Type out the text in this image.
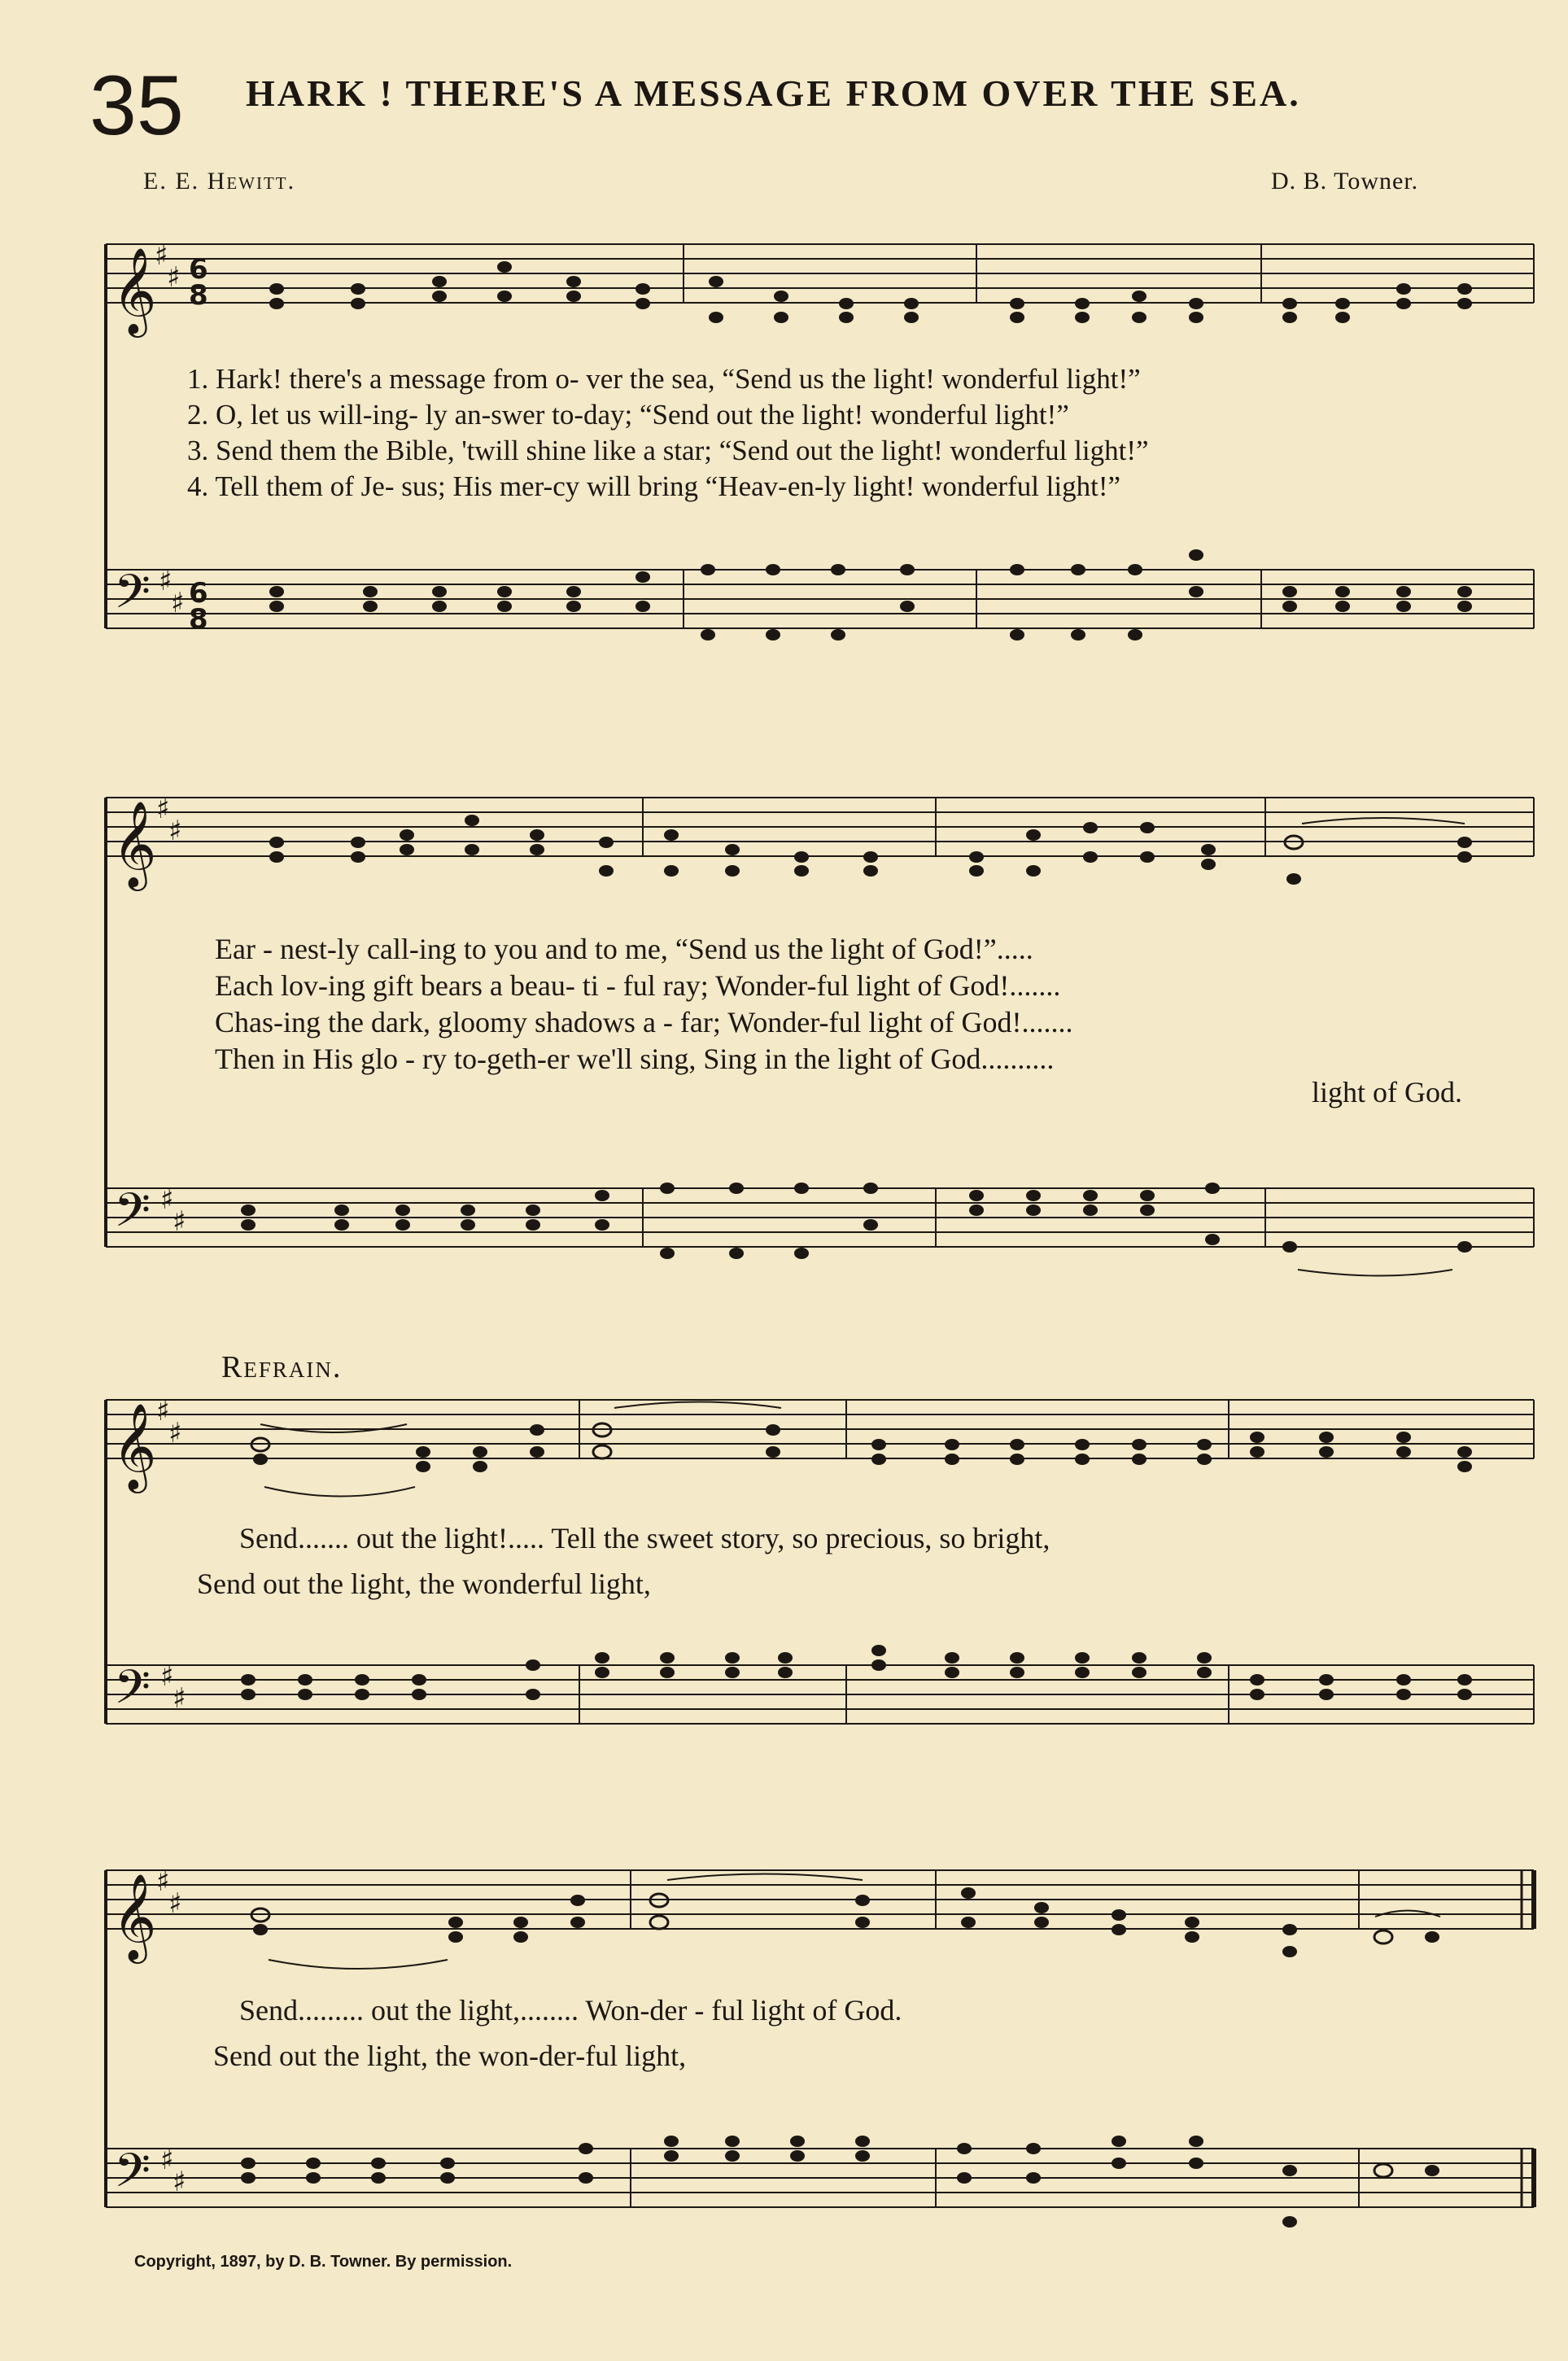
35 HARK ! THERE'S A MESSAGE FROM OVER THE SEA.
E. E. Hewitt.	D. B. Towner.
𝄞
𝄢
6
8
6
8
♯
♯
♯
♯
𝄞
𝄢
♯
♯
♯
♯
𝄞
𝄢
♯
♯
♯
♯
𝄞
𝄢
♯
♯
♯
♯
1. Hark! there's a message from o- ver the sea, “Send us the light! wonderful light!”
2. O, let us will-ing- ly an-swer to-day; “Send out the light! wonderful light!”
3. Send them the Bible, 'twill shine like a star; “Send out the light! wonderful light!”
4. Tell them of Je- sus; His mer-cy will bring “Heav-en-ly light! wonderful light!”
Ear - nest-ly call-ing to you and to me, “Send us the light of God!”.....
Each lov-ing gift bears a beau- ti - ful ray; Wonder-ful light of God!.......
Chas-ing the dark, gloomy shadows a - far; Wonder-ful light of God!.......
Then in His glo - ry to-geth-er we'll sing, Sing in the light of God..........
light of God.
Refrain.
Send....... out the light!..... Tell the sweet story, so precious, so bright,
Send out the light, the wonderful light,
Send......... out the light,........ Won-der - ful light of God.
Send out the light, the won-der-ful light,
Copyright, 1897, by D. B. Towner. By permission.
